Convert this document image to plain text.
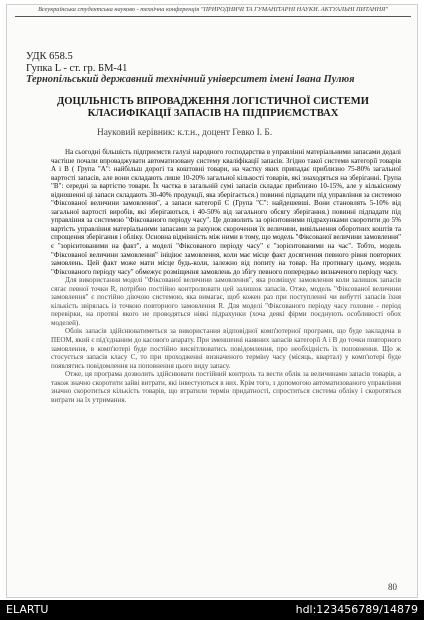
Всеукраїнська студентська науково - технічна конференція "ПРИРОДНИЧІ ТА ГУМАНІТАРНІ НАУКИ. АКТУАЛЬНІ ПИТАННЯ"
УДК 658.5
Гупка L - ст. гр. БМ-41
Тернопільський державний технічний університет імені Івана Пулюя
ДОЦІЛЬНІСТЬ ВПРОВАДЖЕННЯ ЛОГІСТИЧНОЇ СИСТЕМИ КЛАСИФІКАЦІЇ ЗАПАСІВ НА ПІДПРИЄМСТВАХ
Науковий керівник: к.т.н., доцент Гевко І. Б.

На сьогодні більшість підприємств галузі народного господарства в управлінні матеріальними запасами дедалі частіше почали впроваджувати автоматизовану систему кваліфікації запасів. Згідно такої системи категорії товарів А і В ( Група "А": найбільш дорогі та коштовні товари, на частку яких припадає приблизно 75-80% загальної вартості запасів, але вони складають лише 10-20% загальної кількості товарів, які знаходяться на зберіганні. Група "В": середні за вартістю товари. Їх частка в загальній сумі запасів складає приблизно 10-15%, але у кількісному відношенні ці запаси складають 30-40% продукції, яка зберігається.) повинні підпадати під управління за системою "Фіксованої величини замовлення", а запаси категорії С (Група "С": найдешевші. Вони становлять 5-10% від загальної вартості виробів, які зберігаються, і 40-50% від загального обсягу зберігання.) повинні підпадати під управління за системою "Фіксованого періоду часу". Це дозволить за орієнтовними підрахунками скоротити до 5% вартість управління матеріальними запасами за рахунок скорочення їх величини, вивільнення оборотних коштів та спрощення зберігання і обліку. Основна відмінність між ними в тому, що модель "Фіксованої величини замовлення" є "зорієнтованими на факт", а моделі "Фіксованого періоду часу" є "зорієнтованими на час". Тобто, модель "Фіксованої величини замовлення" ініціює замовлення, коли має місце факт досягнення певного рівня повторних замовлень. Цей факт може мати місце будь-коли, залежно від попиту на товар. На противагу цьому, модель "Фіксованого періоду часу" обмежує розміщення замовлень до збігу певного попередньо визначеного періоду часу.

Для використання моделі "Фіксованої величини замовлення", яка розміщує замовлення коли залишок запасів сягає певної точки R, потрібно постійно контролювати цей залишок запасів. Отже, модель "Фіксованої величини замовлення" є постійно діючою системою, яка вимагає, щоб кожен раз при поступленні чи вибутті запасів їхня кількість звірялась із точкою повторного замовлення R. Для моделі "Фіксованого періоду часу головне - період перевірки, на протязі якого не проводяться ніякі підрахунки (хоча деякі фірми поєднують особливості обох моделей).

Облік запасів здійснюватиметься за використання відповідної комп'ютерної програми, що буде закладена в ПЕОМ, який є під'єднаним до касового апарату. При зменшенні наявних запасів категорії А і В до точки повторного замовлення, в комп'ютері буде постійно висвітлюватись повідомлення, про необхідність їх поповнення. Що ж стосується запасів класу С, то при проходженні визначеного терміну часу (місяць, квартал) у комп'ютері буде появлятись повідомлення на поповнення цього виду запасу.

Отже, ця програма дозволить здійснювати постійний контроль та вести облік за величинами запасів товарів, а також значно скоротити зайві витрати, які інвестуються в них. Крім того, з допомогою автоматизованого управління значно скоротиться кількість товарів, що втратили термін придатності, спроститься система обліку і скоротяться витрати на їх утримання.

80
ELARTU	hdl:123456789/14879
